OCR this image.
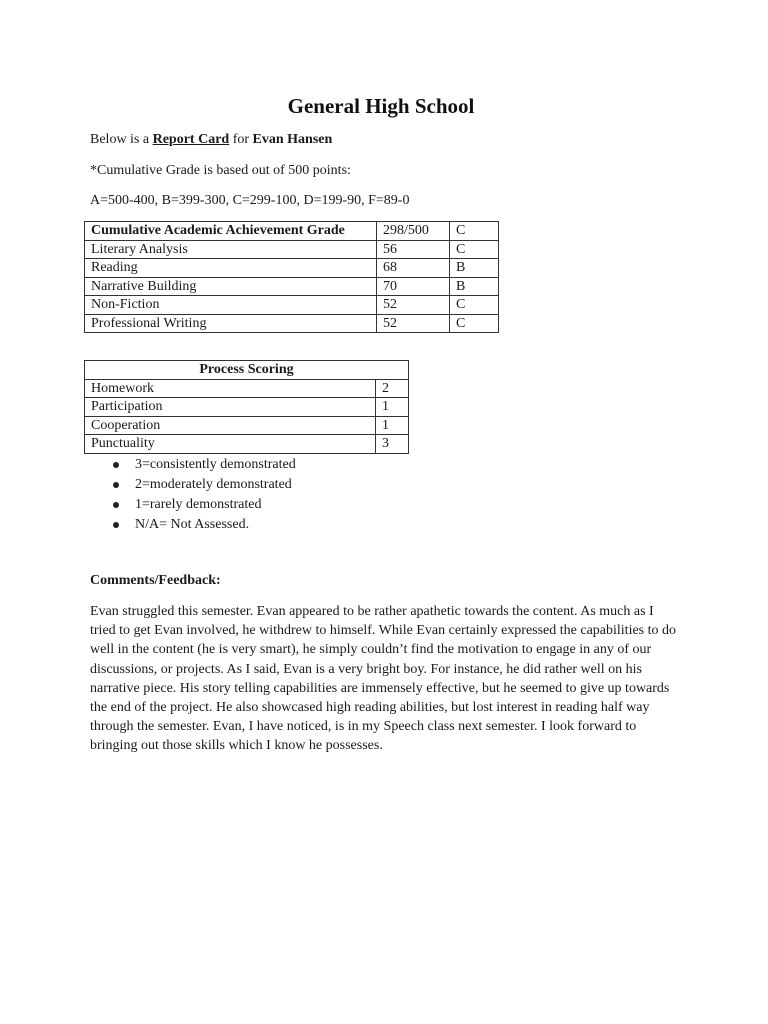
General High School

Below is a Report Card for Evan Hansen

*Cumulative Grade is based out of 500 points:

A=500-400, B=399-300, C=299-100, D=199-90, F=89-0

Cumulative Academic Achievement Grade	298/500	C
Literary Analysis	56	C
Reading	68	B
Narrative Building	70	B
Non-Fiction	52	C
Professional Writing	52	C
Process Scoring	
Homework	2
Participation	1
Cooperation	1
Punctuality	3
3=consistently demonstrated
2=moderately demonstrated
1=rarely demonstrated
N/A= Not Assessed.

Comments/Feedback:

Evan struggled this semester. Evan appeared to be rather apathetic towards the content. As much as I tried to get Evan involved, he withdrew to himself. While Evan certainly expressed the capabilities to do well in the content (he is very smart), he simply couldn’t find the motivation to engage in any of our discussions, or projects. As I said, Evan is a very bright boy. For instance, he did rather well on his narrative piece. His story telling capabilities are immensely effective, but he seemed to give up towards the end of the project. He also showcased high reading abilities, but lost interest in reading half way through the semester. Evan, I have noticed, is in my Speech class next semester. I look forward to bringing out those skills which I know he possesses.
